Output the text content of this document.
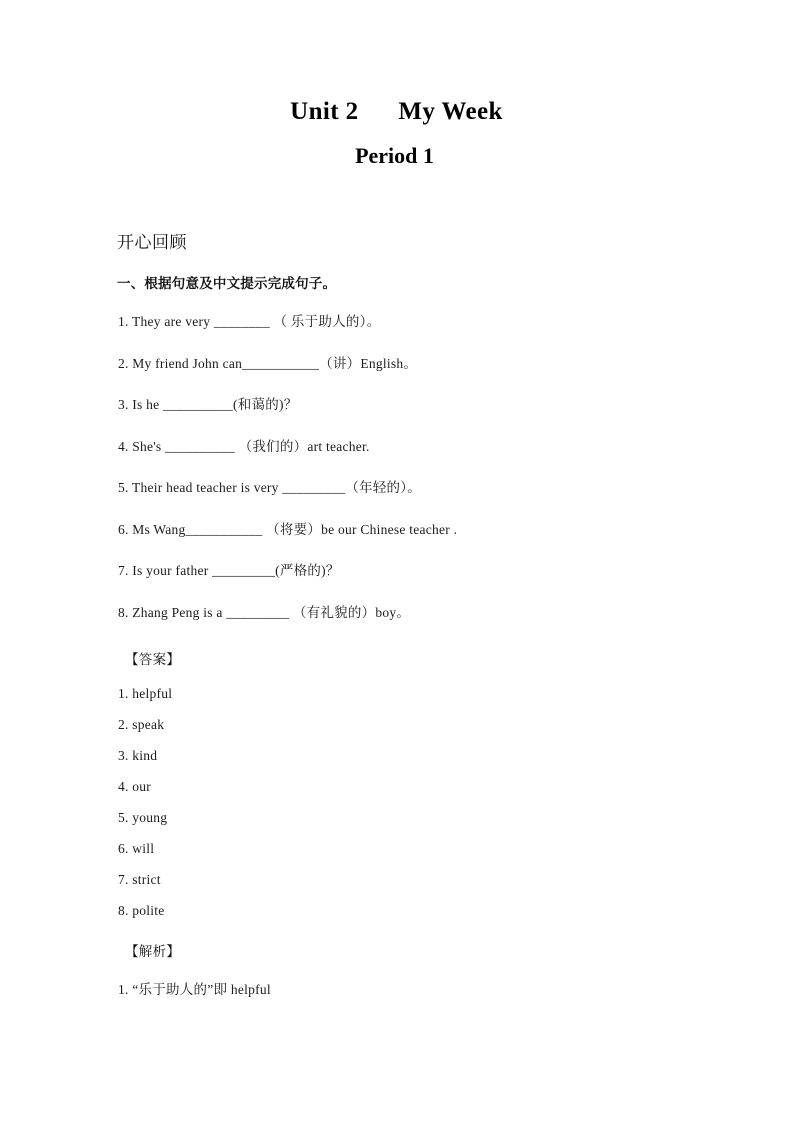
Unit 2      My Week
Period 1
开心回顾
一、根据句意及中文提示完成句子。
1. They are very ________ （ 乐于助人的）。
2. My friend John can___________（讲）English。
3. Is he __________(和蔼的)？
4. She's __________ （我们的）art teacher.
5. Their head teacher is very _________（年轻的）。
6. Ms Wang___________ （将要）be our Chinese teacher .
7. Is your father _________(严格的)？
8. Zhang Peng is a _________ （有礼貌的）boy。
【答案】
1. helpful
2. speak
3. kind
4. our
5. young
6. will
7. strict
8. polite
【解析】
1. “乐于助人的”即 helpful
